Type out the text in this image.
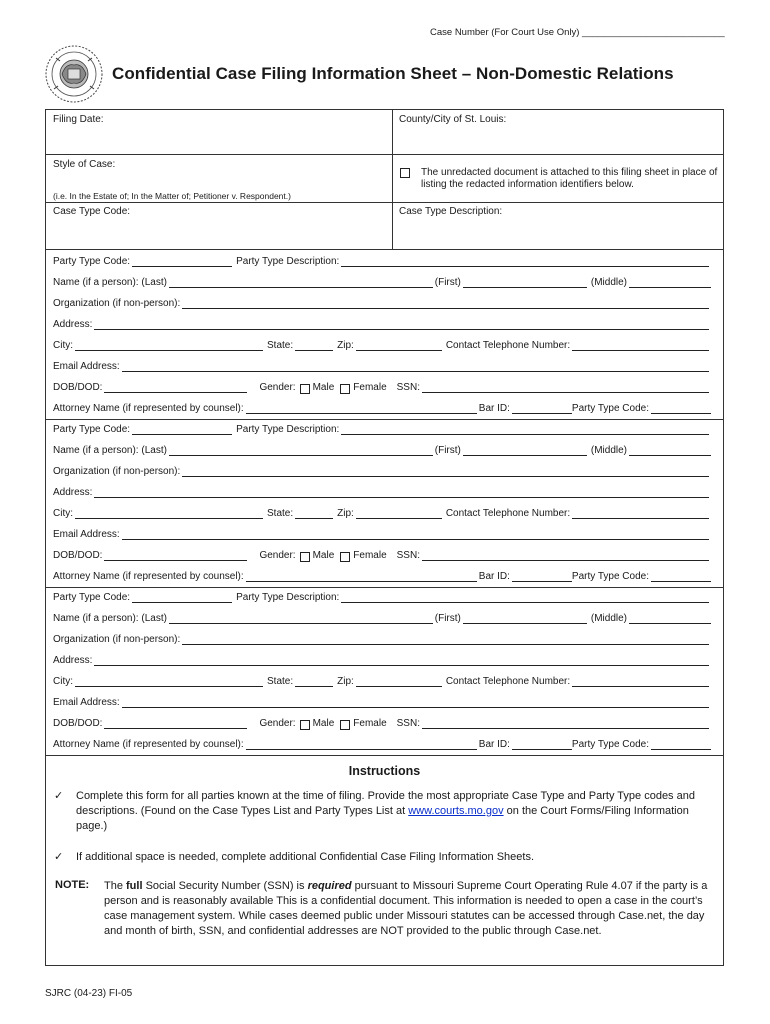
Case Number (For Court Use Only) ___________________________
Confidential Case Filing Information Sheet – Non-Domestic Relations
Filing Date:	County/City of St. Louis:
Style of Case:
(i.e. In the Estate of; In the Matter of; Petitioner v. Respondent.)
The unredacted document is attached to this filing sheet in place of listing the redacted information identifiers below.
Case Type Code:	Case Type Description:
Party Type Code:	Party Type Description:
Name (if a person): (Last)	(First)	(Middle)
Organization (if non-person):
Address:
City:	State:	Zip:	Contact Telephone Number:
Email Address:
DOB/DOD:	Gender: Male Female SSN:
Attorney Name (if represented by counsel):	Bar ID:	Party Type Code:
Party Type Code:	Party Type Description:
Name (if a person): (Last)	(First)	(Middle)
Organization (if non-person):
Address:
City:	State:	Zip:	Contact Telephone Number:
Email Address:
DOB/DOD:	Gender: Male Female SSN:
Attorney Name (if represented by counsel):	Bar ID:	Party Type Code:
Party Type Code:	Party Type Description:
Name (if a person): (Last)	(First)	(Middle)
Organization (if non-person):
Address:
City:	State:	Zip:	Contact Telephone Number:
Email Address:
DOB/DOD:	Gender: Male Female SSN:
Attorney Name (if represented by counsel):	Bar ID:	Party Type Code:
Instructions
✓ Complete this form for all parties known at the time of filing. Provide the most appropriate Case Type and Party Type codes and descriptions. (Found on the Case Types List and Party Types List at www.courts.mo.gov on the Court Forms/Filing Information page.)
✓ If additional space is needed, complete additional Confidential Case Filing Information Sheets.
NOTE: The full Social Security Number (SSN) is required pursuant to Missouri Supreme Court Operating Rule 4.07 if the party is a person and is reasonably available This is a confidential document. This information is needed to open a case in the court’s case management system. While cases deemed public under Missouri statutes can be accessed through Case.net, the day and month of birth, SSN, and confidential addresses are NOT provided to the public through Case.net.
SJRC (04-23) FI-05
